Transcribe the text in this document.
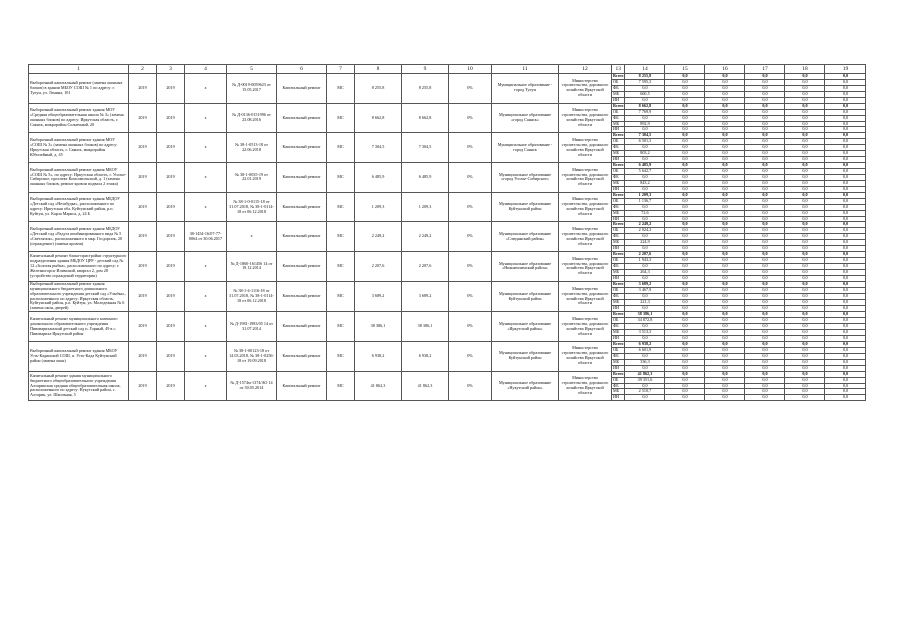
1	2	3	4	5	6	7	8	9	10	11	12	13	14	15	16	17	18	19
Выборочный капитальный ремонт (замена оконных блоков) в здании МБОУ СОШ № 1 по адресу: г. Тулун, ул. Ленина, 101	2019	2019	х	№ Д-0019-0059623 от 15.05.2017	Капитальный ремонт	МС	8 255,8	8 255,8	0%	Муниципальное образование - город Тулун	Министерство строительства, дорожного хозяйства Иркутской области	Всего	8 255,8	0,0	0,0	0,0	0,0	0,0
												ОБ	7 595,3	0,0	0,0	0,0	0,0	0,0
												ФБ	0,0	0,0	0,0	0,0	0,0	0,0
												МБ	660,5	0,0	0,0	0,0	0,0	0,0
												ИИ	0,0	0,0	0,0	0,0	0,0	0,0
Выборочный капитальный ремонт здания МОУ «Средняя общеобразовательная школа № 3» (замена оконных блоков) по адресу: Иркутская область, г. Саянск, микрорайон Солнечный, 20	2019	2019	х	№ Д-0136-0151996 от 23.08.2016	Капитальный ремонт	МС	8 662,8	8 662,8	0%	Муниципальное образование «город Саянск»	Министерство строительства, дорожного хозяйства Иркутской области	Всего	8 662,8	0,0	0,0	0,0	0,0	0,0
												ОБ	7 769,9	0,0	0,0	0,0	0,0	0,0
												ФБ	0,0	0,0	0,0	0,0	0,0	0,0
												МБ	892,9	0,0	0,0	0,0	0,0	0,0
												ИИ	0,0	0,0	0,0	0,0	0,0	0,0
Выборочный капитальный ремонт здания МОУ «СОШ № 3» (замена оконных блоков) по адресу: Иркутская область, г. Саянск, микрорайон Юбилейный, д. 45	2019	2019	х	№ 38-1-0513-18 от 22.06.2018	Капитальный ремонт	МС	7 304,5	7 304,5	0%	Муниципальное образование - город Саянск	Министерство строительства, дорожного хозяйства Иркутской области	Всего	7 304,5	0,0	0,0	0,0	0,0	0,0
												ОБ	6 501,3	0,0	0,0	0,0	0,0	0,0
												ФБ	0,0	0,0	0,0	0,0	0,0	0,0
												МБ	803,2	0,0	0,0	0,0	0,0	0,0
												ИИ	0,0	0,0	0,0	0,0	0,0	0,0
Выборочный капитальный ремонт здания МБОУ «СОШ № 5», по адресу: Иркутская область, г. Усолье-Сибирское, проспект Комсомольский, д. 1 (замена оконных блоков, ремонт кровли подвала 2 этажа)	2019	2019	х	№ 38-1-0035-19 от 22.01.2019	Капитальный ремонт	МС	6 485,9	6 485,9	0%	Муниципальное образование «город Усолье-Сибирское»	Министерство строительства, дорожного хозяйства Иркутской области	Всего	6 485,9	0,0	0,0	0,0	0,0	0,0
												ОБ	5 642,7	0,0	0,0	0,0	0,0	0,0
												ФБ	0,0	0,0	0,0	0,0	0,0	0,0
												МБ	843,2	0,0	0,0	0,0	0,0	0,0
												ИИ	0,0	0,0	0,0	0,0	0,0	0,0
Выборочный капитальный ремонт здания МБДОУ «Детский сад «Незабудка», расположенного по адресу: Иркутская обл. Куйтунский район, р.п. Куйтун, ул. Карла Маркса, д. 24 Б	2019	2019	х	№ 38-1-0-0115-18 от 31.07.2018, № 38-1-0114-18 от 06.12.2018	Капитальный ремонт	МС	1 209,3	1 209,3	0%	Муниципальное образование Куйтунский район	Министерство строительства, дорожного хозяйства Иркутской области	Всего	1 209,3	0,0	0,0	0,0	0,0	0,0
												ОБ	1 136,7	0,0	0,0	0,0	0,0	0,0
												ФБ	0,0	0,0	0,0	0,0	0,0	0,0
												МБ	72,6	0,0	0,0	0,0	0,0	0,0
												ИИ	0,0	0,0	0,0	0,0	0,0	0,0
Выборочный капитальный ремонт здания МБДОУ «Детский сад «Радуга комбинированного вида № 5 «Светлячок», расположенного в мкр. Госдорпок, 20 (ограждение) (замена кровли)	2019	2019	38-1454-16/07-77-0064 от 30.06.2017	х	Капитальный ремонт	МС	2 249,2	2 249,2	0%	Муниципальное образование «Слюдянский район»	Министерство строительства, дорожного хозяйства Иркутской области	Всего	2 249,2	0,0	0,0	0,0	0,0	0,0
												ОБ	2 024,3	0,0	0,0	0,0	0,0	0,0
												ФБ	0,0	0,0	0,0	0,0	0,0	0,0
												МБ	224,9	0,0	0,0	0,0	0,0	0,0
												ИИ	0,0	0,0	0,0	0,0	0,0	0,0
Капитальный ремонт блока-пристройки структурного подразделения здания МБДОУ ЦРР - детский сад № 12 «Золотая рыбка», расположенного по адресу: г. Железногорск-Илимский, квартал 2, дом 28 (устройство ограждений территории)	2019	2019	х	№ Д-1860-161456 14 от 19.12.2014	Капитальный ремонт	МС	2 207,6	2 207,6	0%	Муниципальное образование «Нижнеилимский район»	Министерство строительства, дорожного хозяйства Иркутской области	Всего	2 207,6	0,0	0,0	0,0	0,0	0,0
												ОБ	1 943,3	0,0	0,0	0,0	0,0	0,0
												ФБ	0,0	0,0	0,0	0,0	0,0	0,0
												МБ	264,3	0,0	0,0	0,0	0,0	0,0
												ИИ	0,0	0,0	0,0	0,0	0,0	0,0
Выборочный капитальный ремонт здания муниципального бюджетного дошкольного образовательного учреждения детский сад «Улыбка», расположенного по адресу: Иркутская область, Куйтунский район, р.п. Куйтун, ул. Молодежная № 6 (замена окон, дверей)	2019	2019	х	№ 38-1-4-1116-18 от 31.07.2018, № 38-1-0114-18 от 06.12.2018	Капитальный ремонт	МС	3 689,2	3 689,2	0%	Муниципальное образование Куйтунский район	Министерство строительства, дорожного хозяйства Иркутской области	Всего	3 689,2	0,0	0,0	0,0	0,0	0,0
												ОБ	3 467,9	0,0	0,0	0,0	0,0	0,0
												ФБ	0,0	0,0	0,0	0,0	0,0	0,0
												МБ	221,3	0,0	0,0	0,0	0,0	0,0
												ИИ	0,0	0,0	0,0	0,0	0,0	0,0
Капитальный ремонт муниципального казенного дошкольного образовательного учреждения Пивовариханский детский сад п. Горный, 49 в с. Пивовариха Иркутский район	2019	2019	х	№ Д-1981-1983/05 14 от 31.07.2014	Капитальный ремонт	МС	38 386,1	38 386,1	0%	Муниципальное образование «Иркутский район»	Министерство строительства, дорожного хозяйства Иркутской области	Всего	38 386,1	0,0	0,0	0,0	0,0	0,0
												ОБ	34 872,8	0,0	0,0	0,0	0,0	0,0
												ФБ	0,0	0,0	0,0	0,0	0,0	0,0
												МБ	3 513,3	0,0	0,0	0,0	0,0	0,0
												ИИ	0,0	0,0	0,0	0,0	0,0	0,0
Выборочный капитальный ремонт здания МБОУ Усть-Кадинской СОШ, п. Усть-Када Куйтунский район (замена окон)	2019	2019	х	№ 38-1-00123-18 от 14.03.2018, № 38-1-0256-18 от 19.09.2018	Капитальный ремонт	МС	6 938,2	6 938,2	0%	Муниципальное образование Куйтунский район	Министерство строительства, дорожного хозяйства Иркутской области	Всего	6 938,2	0,0	0,0	0,0	0,0	0,0
												ОБ	6 601,9	0,0	0,0	0,0	0,0	0,0
												ФБ	0,0	0,0	0,0	0,0	0,0	0,0
												МБ	336,3	0,0	0,0	0,0	0,0	0,0
												ИИ	0,0	0,0	0,0	0,0	0,0	0,0
Капитальный ремонт здания муниципального бюджетного общеобразовательного учреждения Алтарикская средняя общеобразовательная школа, расположенного по адресу: Нукутский район, с. Алтарик, ул. Школьная, 5	2019	2019	х	№ Д-1574м-1374/АО 14 от 30.05.2014	Капитальный ремонт	МС	41 862,3	41 862,3	0%	Муниципальное образование «Нукутский район»	Министерство строительства, дорожного хозяйства Иркутской области	Всего	41 862,3	0,0	0,0	0,0	0,0	0,0
												ОБ	39 351,6	0,0	0,0	0,0	0,0	0,0
												ФБ	0,0	0,0	0,0	0,0	0,0	0,0
												МБ	2 510,7	0,0	0,0	0,0	0,0	0,0
												ИИ	0,0	0,0	0,0	0,0	0,0	0,0
